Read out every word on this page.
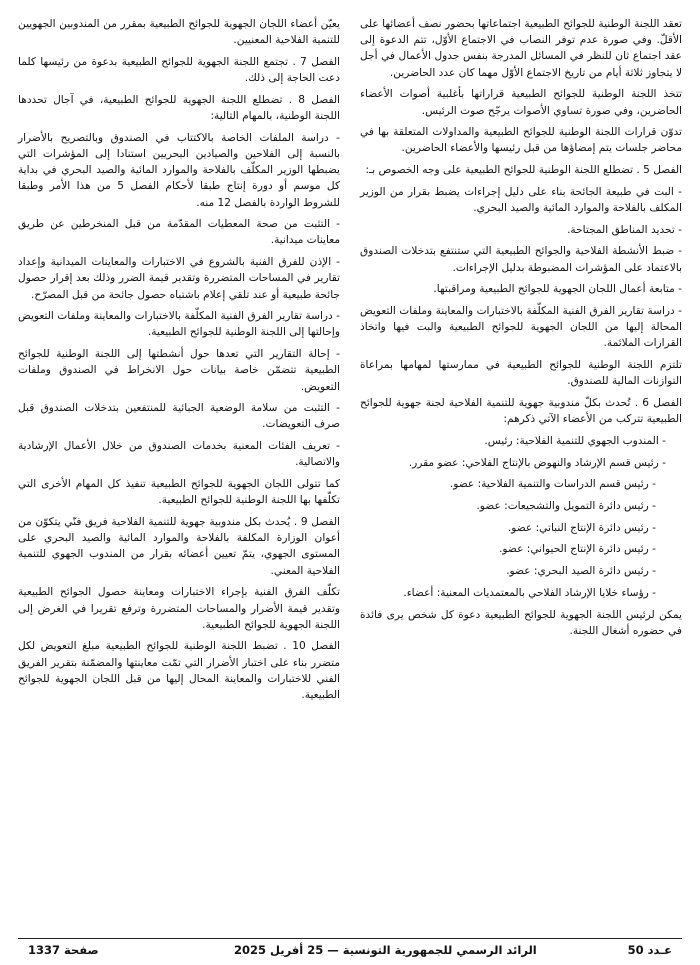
تعقد اللجنة الوطنية للجوائح الطبيعية اجتماعاتها بحضور نصف أعضائها على الأقلّ. وفي صورة عدم توفر النصاب في الاجتماع الأوّل، تتم الدعوة إلى عقد اجتماع ثان للنظر في المسائل المدرجة بنفس جدول الأعمال في أجل لا يتجاوز ثلاثة أيام من تاريخ الاجتماع الأوّل مهما كان عدد الحاضرين.

تتخذ اللجنة الوطنية للجوائح الطبيعية قراراتها بأغلبية أصوات الأعضاء الحاضرين، وفي صورة تساوي الأصوات يرجّح صوت الرئيس.

تدوّن قرارات اللجنة الوطنية للجوائح الطبيعية والمداولات المتعلقة بها في محاضر جلسات يتم إمضاؤها من قبل رئيسها والأعضاء الحاضرين.

الفصل 5 . تضطلع اللجنة الوطنية للجوائح الطبيعية على وجه الخصوص بـ:

- البت في طبيعة الجائحة بناء على دليل إجراءات يضبط بقرار من الوزير المكلف بالفلاحة والموارد المائية والصيد البحري.

- تحديد المناطق المجتاحة.

- ضبط الأنشطة الفلاحية والجوائح الطبيعية التي ستنتفع بتدخلات الصندوق بالاعتماد على المؤشرات المضبوطة بدليل الإجراءات.

- متابعة أعمال اللجان الجهوية للجوائح الطبيعية ومراقبتها.

- دراسة تقارير الفرق الفنية المكلّفة بالاختبارات والمعاينة وملفات التعويض المحالة إليها من اللجان الجهوية للجوائح الطبيعية والبت فيها واتخاذ القرارات الملائمة.

تلتزم اللجنة الوطنية للجوائح الطبيعية في ممارستها لمهامها بمراعاة التوازنات المالية للصندوق.

الفصل 6 . تُحدث بكلّ مندوبية جهوية للتنمية الفلاحية لجنة جهوية للجوائح الطبيعية تتركب من الأعضاء الآتي ذكرهم:

- المندوب الجهوي للتنمية الفلاحية: رئيس.

- رئيس قسم الإرشاد والنهوض بالإنتاج الفلاحي: عضو مقرر.

- رئيس قسم الدراسات والتنمية الفلاحية: عضو.

- رئيس دائرة التمويل والتشجيعات: عضو.

- رئيس دائرة الإنتاج النباتي: عضو.

- رئيس دائرة الإنتاج الحيواني: عضو.

- رئيس دائرة الصيد البحري: عضو.

- رؤساء خلايا الإرشاد الفلاحي بالمعتمديات المعنية: أعضاء.

يمكن لرئيس اللجنة الجهوية للجوائح الطبيعية دعوة كل شخص يرى فائدة في حضوره أشغال اللجنة.

يعيّن أعضاء اللجان الجهوية للجوائح الطبيعية بمقرر من المندوبين الجهويين للتنمية الفلاحية المعنيين.

الفصل 7 . تجتمع اللجنة الجهوية للجوائح الطبيعية بدعوة من رئيسها كلما دعت الحاجة إلى ذلك.

الفصل 8 . تضطلع اللجنة الجهوية للجوائح الطبيعية، في آجال تحددها اللجنة الوطنية، بالمهام التالية:

- دراسة الملفات الخاصة بالاكتتاب في الصندوق وبالتصريح بالأضرار بالنسبة إلى الفلاحين والصيادين البحريين استنادا إلى المؤشرات التي يضبطها الوزير المكلّف بالفلاحة والموارد المائية والصيد البحري في بداية كل موسم أو دورة إنتاج طبقا لأحكام الفصل 5 من هذا الأمر وطبقا للشروط الواردة بالفصل 12 منه.

- التثبت من صحة المعطيات المقدّمة من قبل المنخرطين عن طريق معاينات ميدانية.

- الإذن للفرق الفنية بالشروع في الاختبارات والمعاينات الميدانية وإعداد تقارير في المساحات المتضررة وتقدير قيمة الضرر وذلك بعد إقرار حصول جائحة طبيعية أو عند تلقي إعلام باشتباه حصول جائحة من قبل المصرّح.

- دراسة تقارير الفرق الفنية المكلّفة بالاختبارات والمعاينة وملفات التعويض وإحالتها إلى اللجنة الوطنية للجوائح الطبيعية.

- إحالة التقارير التي تعدها حول أنشطتها إلى اللجنة الوطنية للجوائح الطبيعية تتضمّن خاصة بيانات حول الانخراط في الصندوق وملفات التعويض.

- التثبت من سلامة الوضعية الجبائية للمنتفعين بتدخلات الصندوق قبل صرف التعويضات.

- تعريف الفئات المعنية بخدمات الصندوق من خلال الأعمال الإرشادية والاتصالية.

كما تتولى اللجان الجهوية للجوائح الطبيعية تنفيذ كل المهام الأخرى التي تكلّفها بها اللجنة الوطنية للجوائح الطبيعية.

الفصل 9 . يُحدث بكل مندوبية جهوية للتنمية الفلاحية فريق فنّي يتكوّن من أعوان الوزارة المكلفة بالفلاحة والموارد المائية والصيد البحري على المستوى الجهوي، يتمّ تعيين أعضائه بقرار من المندوب الجهوي للتنمية الفلاحية المعني.

تكلّف الفرق الفنية بإجراء الاختبارات ومعاينة حصول الجوائح الطبيعية وتقدير قيمة الأضرار والمساحات المتضررة وترفع تقريرا في الغرض إلى اللجنة الجهوية للجوائح الطبيعية.

الفصل 10 . تضبط اللجنة الوطنية للجوائح الطبيعية مبلغ التعويض لكل متضرر بناء على اختبار الأضرار التي تمّت معاينتها والمضمّنة بتقرير الفريق الفني للاختبارات والمعاينة المحال إليها من قبل اللجان الجهوية للجوائح الطبيعية.

صفحة 1337	الرائد الرسمي للجمهورية التونسية — 25 أفريل 2025	عـدد 50
